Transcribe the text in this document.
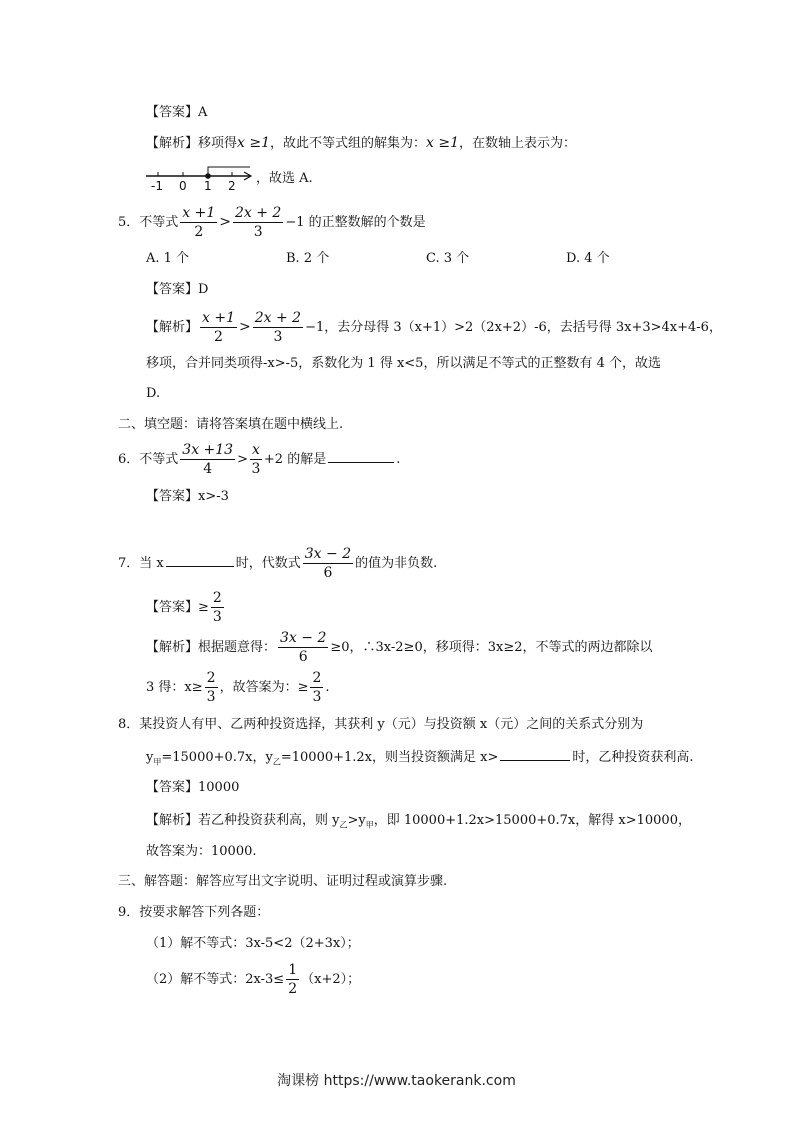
【答案】A
【解析】移项得x ≥1，故此不等式组的解集为：x ≥1，在数轴上表示为：
-1 0 1 2 ，故选 A.
5．不等式 $\frac{x +1}{2} > \frac{2x + 2}{3} -1$ 的正整数解的个数是
A. 1 个	B. 2 个	C. 3 个	D. 4 个
【答案】D
【解析】 $\frac{x +1}{2} > \frac{2x + 2}{3} -1$，去分母得 3（x+1）>2（2x+2）-6，去括号得 3x+3>4x+4-6，
移项，合并同类项得-x>-5，系数化为 1 得 x<5，所以满足不等式的正整数有 4 个，故选
D.
二、填空题：请将答案填在题中横线上.
6．不等式 $\frac{3x +13}{4} > \frac{x}{3} +2$ 的解是	.
【答案】x>-3
7．当 x	时，代数式 $\frac{3x - 2}{6}$ 的值为非负数.
【答案】≥ $\frac{2}{3}$
【解析】根据题意得： $\frac{3x - 2}{6} \ge 0$，∴3x-2≥0，移项得：3x≥2，不等式的两边都除以
3 得：$x\ge \frac{2}{3}$ ，故答案为：≥ $\frac{2}{3}$ .
8．某投资人有甲、乙两种投资选择，其获利 y（元）与投资额 x（元）之间的关系式分别为
$y_甲=15000+0.7x$，$y_乙=10000+1.2x$，则当投资额满足 x>	时，乙种投资获利高.
【答案】10000
【解析】若乙种投资获利高，则 $y_乙>y_甲$，即 10000+1.2x>15000+0.7x，解得 x>10000，
故答案为：10000.
三、解答题：解答应写出文字说明、证明过程或演算步骤.
9．按要求解答下列各题：
（1）解不等式：3x-5<2（2+3x）；
（2）解不等式：$2x-3\le \frac{1}{2} (x+2)$；
淘课榜 https://www.taokerank.com
